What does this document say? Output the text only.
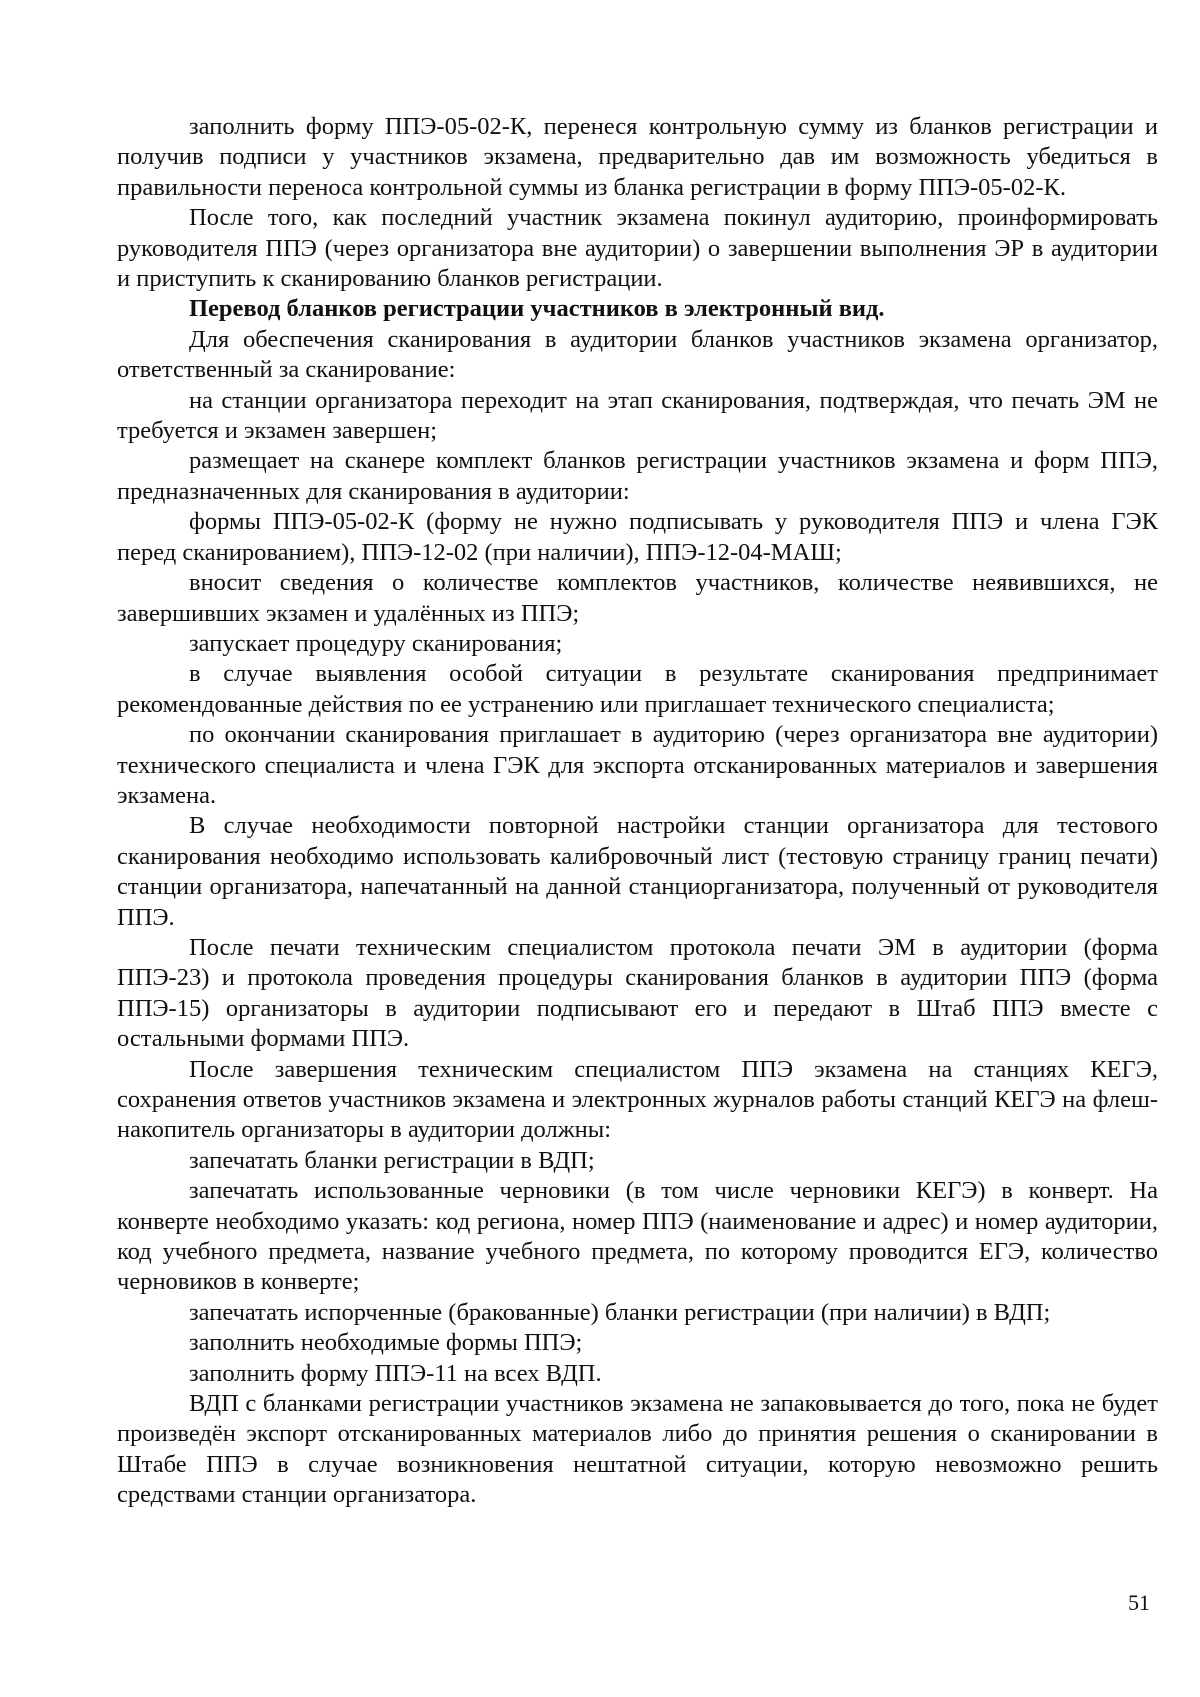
заполнить форму ППЭ-05-02-К, перенеся контрольную сумму из бланков регистрации и получив подписи у участников экзамена, предварительно дав им возможность убедиться в правильности переноса контрольной суммы из бланка регистрации в форму ППЭ-05-02-К.

После того, как последний участник экзамена покинул аудиторию, проинформировать руководителя ППЭ (через организатора вне аудитории) о завершении выполнения ЭР в аудитории и приступить к сканированию бланков регистрации.

Перевод бланков регистрации участников в электронный вид.

Для обеспечения сканирования в аудитории бланков участников экзамена организатор, ответственный за сканирование:

на станции организатора переходит на этап сканирования, подтверждая, что печать ЭМ не требуется и экзамен завершен;

размещает на сканере комплект бланков регистрации участников экзамена и форм ППЭ, предназначенных для сканирования в аудитории:

формы ППЭ-05-02-К (форму не нужно подписывать у руководителя ППЭ и члена ГЭК перед сканированием), ППЭ-12-02 (при наличии), ППЭ-12-04-МАШ;

вносит сведения о количестве комплектов участников, количестве неявившихся, не завершивших экзамен и удалённых из ППЭ;

запускает процедуру сканирования;

в случае выявления особой ситуации в результате сканирования предпринимает рекомендованные действия по ее устранению или приглашает технического специалиста;

по окончании сканирования приглашает в аудиторию (через организатора вне аудитории) технического специалиста и члена ГЭК для экспорта отсканированных материалов и завершения экзамена.

В случае необходимости повторной настройки станции организатора для тестового сканирования необходимо использовать калибровочный лист (тестовую страницу границ печати) станции организатора, напечатанный на данной станциорганизатора, полученный от руководителя ППЭ.

После печати техническим специалистом протокола печати ЭМ в аудитории (форма ППЭ-23) и протокола проведения процедуры сканирования бланков в аудитории ППЭ (форма ППЭ-15) организаторы в аудитории подписывают его и передают в Штаб ППЭ вместе с остальными формами ППЭ.

После завершения техническим специалистом ППЭ экзамена на станциях КЕГЭ, сохранения ответов участников экзамена и электронных журналов работы станций КЕГЭ на флеш-накопитель организаторы в аудитории должны:

запечатать бланки регистрации в ВДП;

запечатать использованные черновики (в том числе черновики КЕГЭ) в конверт. На конверте необходимо указать: код региона, номер ППЭ (наименование и адрес) и номер аудитории, код учебного предмета, название учебного предмета, по которому проводится ЕГЭ, количество черновиков в конверте;

запечатать испорченные (бракованные) бланки регистрации (при наличии) в ВДП;

заполнить необходимые формы ППЭ;

заполнить форму ППЭ-11 на всех ВДП.

ВДП с бланками регистрации участников экзамена не запаковывается до того, пока не будет произведён экспорт отсканированных материалов либо до принятия решения о сканировании в Штабе ППЭ в случае возникновения нештатной ситуации, которую невозможно решить средствами станции организатора.

51
